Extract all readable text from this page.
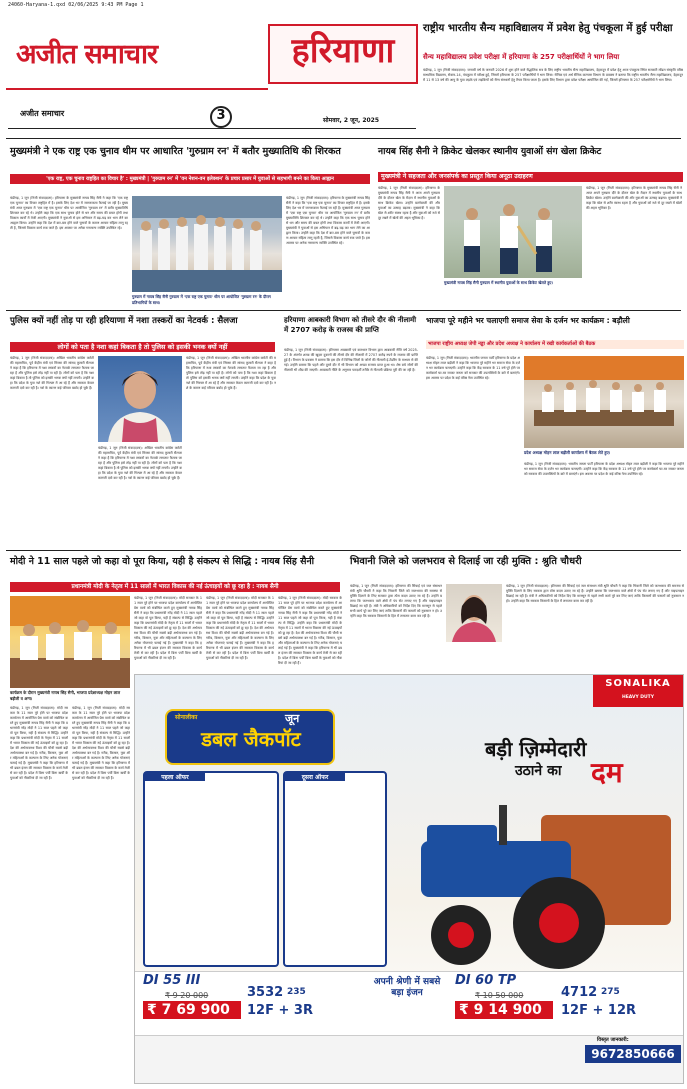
24060-Haryana-1.qxd 02/06/2025 9:43 PM Page 1
अजीत समाचार	हरियाणा
अजीत समाचार	3	सोमवार, 2 जून, 2025
राष्ट्रीय भारतीय सैन्य महाविद्यालय में प्रवेश हेतु पंचकूला में हुई परीक्षा
सैन्य महाविद्यालय प्रवेश परीक्षा में हरियाणा के 257 परीक्षार्थियों ने भाग लिया
चंडीगढ़, 1 जून (निजी संवाददाता): जनवरी वर्ष के जनवरी 2026 में शुरू होने वाले सैद्धांतिक सत्र के लिए राष्ट्रीय भारतीय सैन्य महाविद्यालय, देहरादून में प्रवेश हेतु आज पंचकूला स्थित सरकारी मॉडल संस्कृति वरिष्ठ माध्यमिक विद्यालय, सेक्टर-14, पंचकूला में परीक्षा हुई, जिसमें हरियाणा के 257 परीक्षार्थियों ने भाग लिया। सैनिक एवं अर्ध सैनिक कल्याण विभाग के प्रवक्ता ने बताया कि राष्ट्रीय भारतीय सैन्य महाविद्यालय, देहरादून में 11 से 13 वर्ष की आयु के युवा लड़के एवं लड़कियों को सैन्य संस्थानों हेतु तैयार किया जाता है। इसके लिए विभाग द्वारा प्रवेश परीक्षा आयोजित की गई, जिसमें हरियाणा के 257 परीक्षार्थियों ने भाग लिया।
मुख्यमंत्री ने एक राष्ट्र एक चुनाव थीम पर आधारित 'गुरुग्राम रन' में बतौर मुख्यातिथि की शिरकत
'एक राष्ट्र, एक चुनाव राष्ट्रहित का विचार है' : मुख्यमंत्री | 'गुरुग्राम रन' में 'वन नेशन-वन इलेक्शन' के प्रचार प्रसार में युवाओं से सहभागी बनने का किया आह्वान
चंडीगढ़, 1 जून (निजी संवाददाता): हरियाणा के मुख्यमंत्री नायब सिंह सैनी ने कहा कि 'एक राष्ट्र एक चुनाव' का विचार राष्ट्रहित में है। इसके लिए देश भर में जागरूकता फैलाई जा रही है। मुख्यमंत्री आज गुरुग्राम में 'एक राष्ट्र एक चुनाव' थीम पर आयोजित 'गुरुग्राम रन' में बतौर मुख्यातिथि शिरकत कर रहे थे। उन्होंने कहा कि एक साथ चुनाव होने से धन और समय की बचत होगी तथा विकास कार्यों में तेजी आएगी। मुख्यमंत्री ने युवाओं से इस अभियान में बढ़-चढ़ कर भाग लेने का आह्वान किया। उन्होंने कहा कि देश में बार-बार होने वाले चुनावों के कारण आचार संहिता लागू रहती है, जिससे विकास कार्य रुक जाते हैं। इस अवसर पर अनेक गणमान्य व्यक्ति उपस्थित रहे।
गुरुग्राम में नायब सिंह सैनी गुरुग्राम में 'एक राष्ट्र एक चुनाव' थीम पर आयोजित 'गुरुग्राम रन' के दौरान प्रतिभागियों के साथ।
चंडीगढ़, 1 जून (निजी संवाददाता): हरियाणा के मुख्यमंत्री नायब सिंह सैनी ने कहा कि 'एक राष्ट्र एक चुनाव' का विचार राष्ट्रहित में है। इसके लिए देश भर में जागरूकता फैलाई जा रही है। मुख्यमंत्री आज गुरुग्राम में 'एक राष्ट्र एक चुनाव' थीम पर आयोजित 'गुरुग्राम रन' में बतौर मुख्यातिथि शिरकत कर रहे थे। उन्होंने कहा कि एक साथ चुनाव होने से धन और समय की बचत होगी तथा विकास कार्यों में तेजी आएगी। मुख्यमंत्री ने युवाओं से इस अभियान में बढ़-चढ़ कर भाग लेने का आह्वान किया। उन्होंने कहा कि देश में बार-बार होने वाले चुनावों के कारण आचार संहिता लागू रहती है, जिससे विकास कार्य रुक जाते हैं। इस अवसर पर अनेक गणमान्य व्यक्ति उपस्थित रहे।
नायब सिंह सैनी ने क्रिकेट खेलकर स्थानीय युवाओं संग खेला क्रिकेट
मुख्यमंत्री ने सहजता और जनसंपर्क का प्रस्तुत किया अनूठा उदाहरण
चंडीगढ़, 1 जून (निजी संवाददाता): हरियाणा के मुख्यमंत्री नायब सिंह सैनी ने आज अपने गुरुग्राम दौरे के दौरान खेल के मैदान में स्थानीय युवाओं के साथ क्रिकेट खेला। उन्होंने बल्लेबाजी की और युवाओं का उत्साह बढ़ाया। मुख्यमंत्री ने कहा कि खेल से शरीर स्वस्थ रहता है और युवाओं को नशे से दूर रखने में खेलों की अहम भूमिका है।
मुख्यमंत्री नायब सिंह सैनी गुरुग्राम में स्थानीय युवाओं के साथ क्रिकेट खेलते हुए।
चंडीगढ़, 1 जून (निजी संवाददाता): हरियाणा के मुख्यमंत्री नायब सिंह सैनी ने आज अपने गुरुग्राम दौरे के दौरान खेल के मैदान में स्थानीय युवाओं के साथ क्रिकेट खेला। उन्होंने बल्लेबाजी की और युवाओं का उत्साह बढ़ाया। मुख्यमंत्री ने कहा कि खेल से शरीर स्वस्थ रहता है और युवाओं को नशे से दूर रखने में खेलों की अहम भूमिका है।
पुलिस क्यों नहीं तोड़ पा रही हरियाणा में नशा तस्करों का नेटवर्क : सैलजा
लोगों को पता है नशा कहां बिकता है तो पुलिस को इसकी भनक क्यों नहीं
चंडीगढ़, 1 जून (निजी संवाददाता): अखिल भारतीय कांग्रेस कमेटी की महासचिव, पूर्व केंद्रीय मंत्री एवं सिरसा की सांसद कुमारी सैलजा ने कहा है कि हरियाणा में नशा तस्करों का नेटवर्क लगातार फैलता जा रहा है और पुलिस इसे तोड़ नहीं पा रही है। लोगों को पता है कि नशा कहां बिकता है तो पुलिस को इसकी भनक क्यों नहीं लगती। उन्होंने कहा कि प्रदेश के युवा नशे की गिरफ्त में आ रहे हैं और सरकार केवल कागजी दावे कर रही है। नशे के कारण कई परिवार बर्बाद हो चुके हैं।
चंडीगढ़, 1 जून (निजी संवाददाता): अखिल भारतीय कांग्रेस कमेटी की महासचिव, पूर्व केंद्रीय मंत्री एवं सिरसा की सांसद कुमारी सैलजा ने कहा है कि हरियाणा में नशा तस्करों का नेटवर्क लगातार फैलता जा रहा है और पुलिस इसे तोड़ नहीं पा रही है। लोगों को पता है कि नशा कहां बिकता है तो पुलिस को इसकी भनक क्यों नहीं लगती। उन्होंने कहा कि प्रदेश के युवा नशे की गिरफ्त में आ रहे हैं और सरकार केवल कागजी दावे कर रही है। नशे के कारण कई परिवार बर्बाद हो चुके हैं।
चंडीगढ़, 1 जून (निजी संवाददाता): अखिल भारतीय कांग्रेस कमेटी की महासचिव, पूर्व केंद्रीय मंत्री एवं सिरसा की सांसद कुमारी सैलजा ने कहा है कि हरियाणा में नशा तस्करों का नेटवर्क लगातार फैलता जा रहा है और पुलिस इसे तोड़ नहीं पा रही है। लोगों को पता है कि नशा कहां बिकता है तो पुलिस को इसकी भनक क्यों नहीं लगती। उन्होंने कहा कि प्रदेश के युवा नशे की गिरफ्त में आ रहे हैं और सरकार केवल कागजी दावे कर रही है। नशे के कारण कई परिवार बर्बाद हो चुके हैं।
हरियाणा आबकारी विभाग को तीसरे दौर की नीलामी में 2707 करोड़ के राजस्व की प्राप्ति
चंडीगढ़, 1 जून (निजी संवाददाता): हरियाणा आबकारी एवं कराधान विभाग द्वारा आबकारी नीति वर्ष 2025-27 के अंतर्गत शराब की खुदरा दुकानों की तीसरे दौर की नीलामी में 2707 करोड़ रुपये के राजस्व की प्राप्ति हुई है। विभाग के प्रवक्ता ने बताया कि इस दौर में विभिन्न जिलों के जोनों की नीलामी ई-टेंडरिंग के माध्यम से की गई। उन्होंने बताया कि पहले और दूसरे दौर में भी विभाग को अच्छा राजस्व प्राप्त हुआ था। शेष बचे जोनों की नीलामी भी शीघ्र की जाएगी। आबकारी नीति के अनुसार पारदर्शी तरीके से नीलामी प्रक्रिया पूरी की जा रही है।
भाजपा पूरे महीने भर चलाएगी समाज सेवा के दर्जन भर कार्यक्रम : बड़ौली
भाजपा राष्ट्रीय अध्यक्ष जेपी नड्डा और प्रदेश अध्यक्ष ने कार्यालय में रखी कार्यकर्ताओं की बैठक
चंडीगढ़, 1 जून (निजी संवाददाता): भारतीय जनता पार्टी हरियाणा के प्रदेश अध्यक्ष मोहन लाल बड़ौली ने कहा कि भाजपा पूरे महीने भर समाज सेवा के दर्जन भर कार्यक्रम चलाएगी। उन्होंने कहा कि केंद्र सरकार के 11 वर्ष पूरे होने पर कार्यकर्ता घर-घर जाकर जनता को सरकार की उपलब्धियों के बारे में बताएंगे। इस अवसर पर प्रदेश के कई वरिष्ठ नेता उपस्थित रहे।
प्रदेश अध्यक्ष मोहन लाल बड़ौली कार्यालय में बैठक लेते हुए।
चंडीगढ़, 1 जून (निजी संवाददाता): भारतीय जनता पार्टी हरियाणा के प्रदेश अध्यक्ष मोहन लाल बड़ौली ने कहा कि भाजपा पूरे महीने भर समाज सेवा के दर्जन भर कार्यक्रम चलाएगी। उन्होंने कहा कि केंद्र सरकार के 11 वर्ष पूरे होने पर कार्यकर्ता घर-घर जाकर जनता को सरकार की उपलब्धियों के बारे में बताएंगे। इस अवसर पर प्रदेश के कई वरिष्ठ नेता उपस्थित रहे।
मोदी ने 11 साल पहले जो कहा वो पूरा किया, यही है संकल्प से सिद्धि : नायब सिंह सैनी
प्रधानमंत्री मोदी के नेतृत्व में 11 सालों में भारत विकास की नई ऊंचाइयों को छू रहा है : नायब सैनी
कार्यक्रम के दौरान मुख्यमंत्री नायब सिंह सैनी, भाजपा प्रदेशाध्यक्ष मोहन लाल बड़ौली व अन्य।
चंडीगढ़, 1 जून (निजी संवाददाता): मोदी सरकार के 11 साल पूरे होने पर भाजपा प्रदेश कार्यालय में आयोजित प्रेस वार्ता को संबोधित करते हुए मुख्यमंत्री नायब सिंह सैनी ने कहा कि प्रधानमंत्री नरेंद्र मोदी ने 11 साल पहले जो कहा वो पूरा किया, यही है संकल्प से सिद्धि। उन्होंने कहा कि प्रधानमंत्री मोदी के नेतृत्व में 11 सालों में भारत विकास की नई ऊंचाइयों को छू रहा है। देश की अर्थव्यवस्था विश्व की चौथी सबसे बड़ी अर्थव्यवस्था बन गई है। गरीब, किसान, युवा और महिलाओं के कल्याण के लिए अनेक योजनाएं चलाई गई हैं। मुख्यमंत्री ने कहा कि हरियाणा में भी डबल इंजन की सरकार विकास के कार्य तेजी से कर रही है। प्रदेश में बिना पर्ची बिना खर्ची के युवाओं को नौकरियां दी जा रही हैं।
चंडीगढ़, 1 जून (निजी संवाददाता): मोदी सरकार के 11 साल पूरे होने पर भाजपा प्रदेश कार्यालय में आयोजित प्रेस वार्ता को संबोधित करते हुए मुख्यमंत्री नायब सिंह सैनी ने कहा कि प्रधानमंत्री नरेंद्र मोदी ने 11 साल पहले जो कहा वो पूरा किया, यही है संकल्प से सिद्धि। उन्होंने कहा कि प्रधानमंत्री मोदी के नेतृत्व में 11 सालों में भारत विकास की नई ऊंचाइयों को छू रहा है। देश की अर्थव्यवस्था विश्व की चौथी सबसे बड़ी अर्थव्यवस्था बन गई है। गरीब, किसान, युवा और महिलाओं के कल्याण के लिए अनेक योजनाएं चलाई गई हैं। मुख्यमंत्री ने कहा कि हरियाणा में भी डबल इंजन की सरकार विकास के कार्य तेजी से कर रही है। प्रदेश में बिना पर्ची बिना खर्ची के युवाओं को नौकरियां दी जा रही हैं।
चंडीगढ़, 1 जून (निजी संवाददाता): मोदी सरकार के 11 साल पूरे होने पर भाजपा प्रदेश कार्यालय में आयोजित प्रेस वार्ता को संबोधित करते हुए मुख्यमंत्री नायब सिंह सैनी ने कहा कि प्रधानमंत्री नरेंद्र मोदी ने 11 साल पहले जो कहा वो पूरा किया, यही है संकल्प से सिद्धि। उन्होंने कहा कि प्रधानमंत्री मोदी के नेतृत्व में 11 सालों में भारत विकास की नई ऊंचाइयों को छू रहा है। देश की अर्थव्यवस्था विश्व की चौथी सबसे बड़ी अर्थव्यवस्था बन गई है। गरीब, किसान, युवा और महिलाओं के कल्याण के लिए अनेक योजनाएं चलाई गई हैं। मुख्यमंत्री ने कहा कि हरियाणा में भी डबल इंजन की सरकार विकास के कार्य तेजी से कर रही है। प्रदेश में बिना पर्ची बिना खर्ची के युवाओं को नौकरियां दी जा रही हैं।
चंडीगढ़, 1 जून (निजी संवाददाता): मोदी सरकार के 11 साल पूरे होने पर भाजपा प्रदेश कार्यालय में आयोजित प्रेस वार्ता को संबोधित करते हुए मुख्यमंत्री नायब सिंह सैनी ने कहा कि प्रधानमंत्री नरेंद्र मोदी ने 11 साल पहले जो कहा वो पूरा किया, यही है संकल्प से सिद्धि। उन्होंने कहा कि प्रधानमंत्री मोदी के नेतृत्व में 11 सालों में भारत विकास की नई ऊंचाइयों को छू रहा है। देश की अर्थव्यवस्था विश्व की चौथी सबसे बड़ी अर्थव्यवस्था बन गई है। गरीब, किसान, युवा और महिलाओं के कल्याण के लिए अनेक योजनाएं चलाई गई हैं। मुख्यमंत्री ने कहा कि हरियाणा में भी डबल इंजन की सरकार विकास के कार्य तेजी से कर रही है। प्रदेश में बिना पर्ची बिना खर्ची के युवाओं को नौकरियां दी जा रही हैं।
चंडीगढ़, 1 जून (निजी संवाददाता): मोदी सरकार के 11 साल पूरे होने पर भाजपा प्रदेश कार्यालय में आयोजित प्रेस वार्ता को संबोधित करते हुए मुख्यमंत्री नायब सिंह सैनी ने कहा कि प्रधानमंत्री नरेंद्र मोदी ने 11 साल पहले जो कहा वो पूरा किया, यही है संकल्प से सिद्धि। उन्होंने कहा कि प्रधानमंत्री मोदी के नेतृत्व में 11 सालों में भारत विकास की नई ऊंचाइयों को छू रहा है। देश की अर्थव्यवस्था विश्व की चौथी सबसे बड़ी अर्थव्यवस्था बन गई है। गरीब, किसान, युवा और महिलाओं के कल्याण के लिए अनेक योजनाएं चलाई गई हैं। मुख्यमंत्री ने कहा कि हरियाणा में भी डबल इंजन की सरकार विकास के कार्य तेजी से कर रही है। प्रदेश में बिना पर्ची बिना खर्ची के युवाओं को नौकरियां दी जा रही हैं।
भिवानी जिले को जलभराव से दिलाई जा रही मुक्ति : श्रुति चौधरी
चंडीगढ़, 1 जून (निजी संवाददाता): हरियाणा की सिंचाई एवं जल संसाधन मंत्री श्रुति चौधरी ने कहा कि भिवानी जिले को जलभराव की समस्या से मुक्ति दिलाने के लिए सरकार द्वारा ठोस कदम उठाए जा रहे हैं। उन्होंने बताया कि जलभराव वाले क्षेत्रों में पंप सेट लगाए गए हैं और पाइपलाइन बिछाई जा रही है। मंत्री ने अधिकारियों को निर्देश दिए कि मानसून से पहले सभी कार्य पूरे कर लिए जाएं ताकि किसानों की फसलों को नुकसान न हो। उन्होंने कहा कि सरकार किसानों के हित में लगातार काम कर रही है।
चंडीगढ़, 1 जून (निजी संवाददाता): हरियाणा की सिंचाई एवं जल संसाधन मंत्री श्रुति चौधरी ने कहा कि भिवानी जिले को जलभराव की समस्या से मुक्ति दिलाने के लिए सरकार द्वारा ठोस कदम उठाए जा रहे हैं। उन्होंने बताया कि जलभराव वाले क्षेत्रों में पंप सेट लगाए गए हैं और पाइपलाइन बिछाई जा रही है। मंत्री ने अधिकारियों को निर्देश दिए कि मानसून से पहले सभी कार्य पूरे कर लिए जाएं ताकि किसानों की फसलों को नुकसान न हो। उन्होंने कहा कि सरकार किसानों के हित में लगातार काम कर रही है।
SONALIKA
HEAVY DUTY
सोनालीका	जून
डबल जैकपॉट	बड़ी ज़िम्मेदारी
उठाने का दम
पहला ऑफर	दूसरा ऑफर
DI 55 III
₹ 9 20 000
₹ 7 69 900
3532 235
12F + 3R
अपनी श्रेणी में सबसे बड़ा इंजन
DI 60 TP
₹ 10 50 000
₹ 9 14 900
4712 275
12F + 12R
विस्तृत जानकारी:
9672850666
